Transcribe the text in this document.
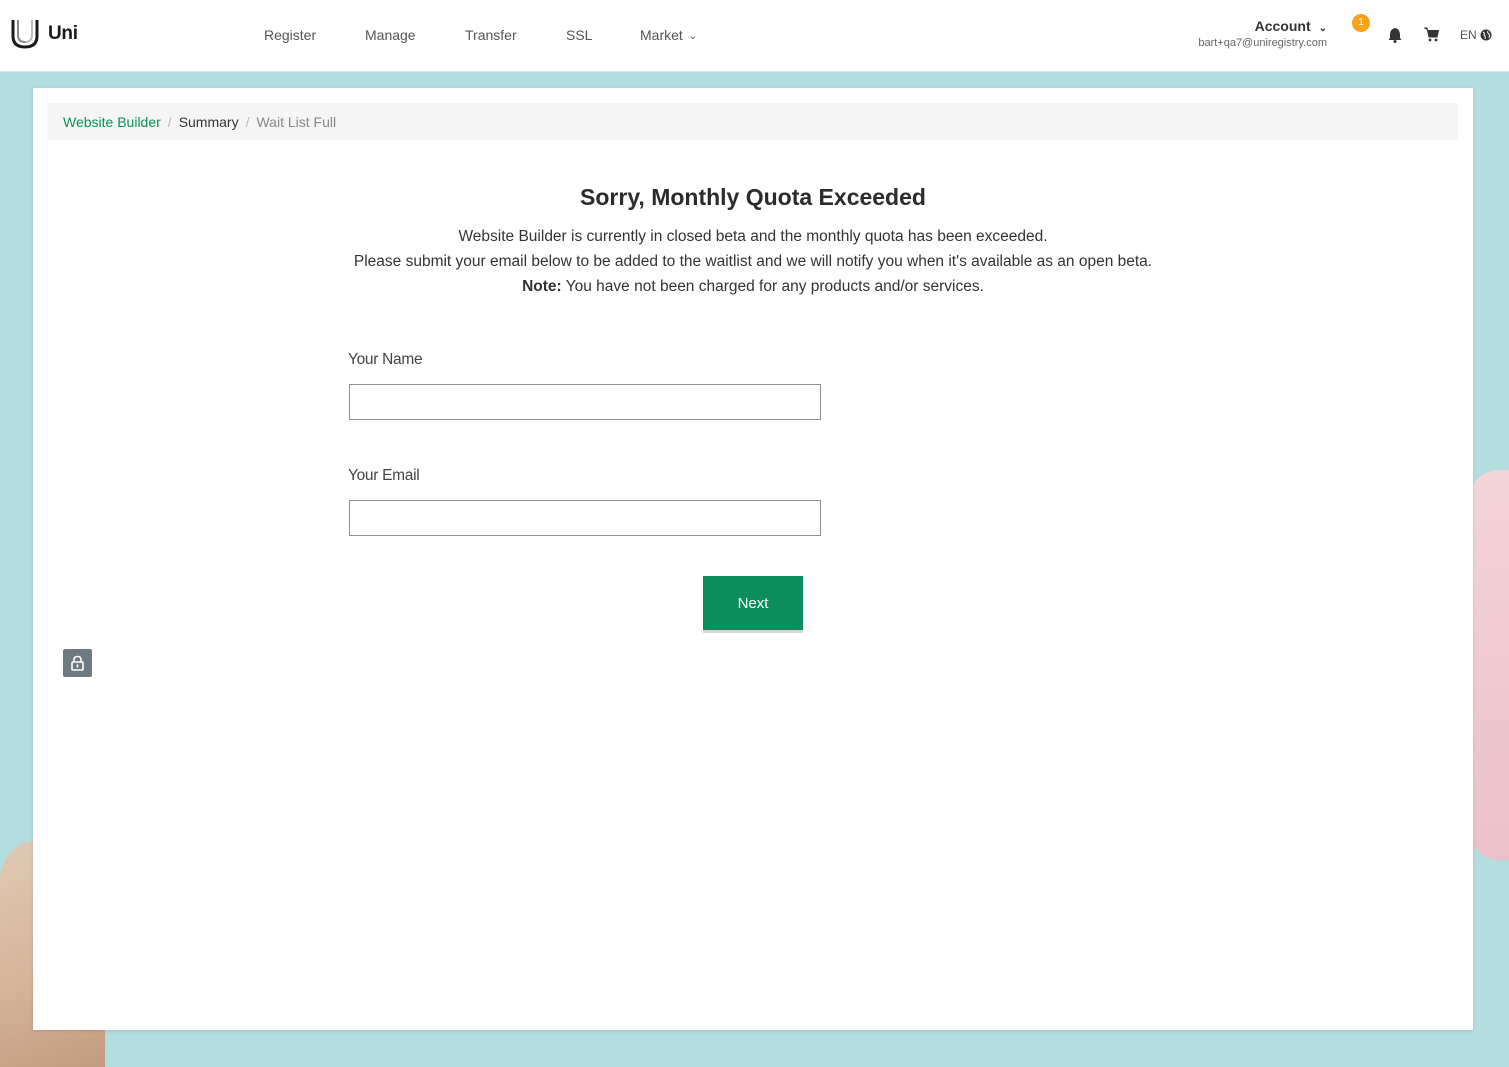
Uni	Register	Manage	Transfer	SSL	Market ⌄
Account ⌄
bart+qa7@uniregistry.com
1
EN
Website Builder / Summary / Wait List Full
Sorry, Monthly Quota Exceeded
Website Builder is currently in closed beta and the monthly quota has been exceeded.
Please submit your email below to be added to the waitlist and we will notify you when it's available as an open beta.
Note: You have not been charged for any products and/or services.
Your Name
Your Email
Next
